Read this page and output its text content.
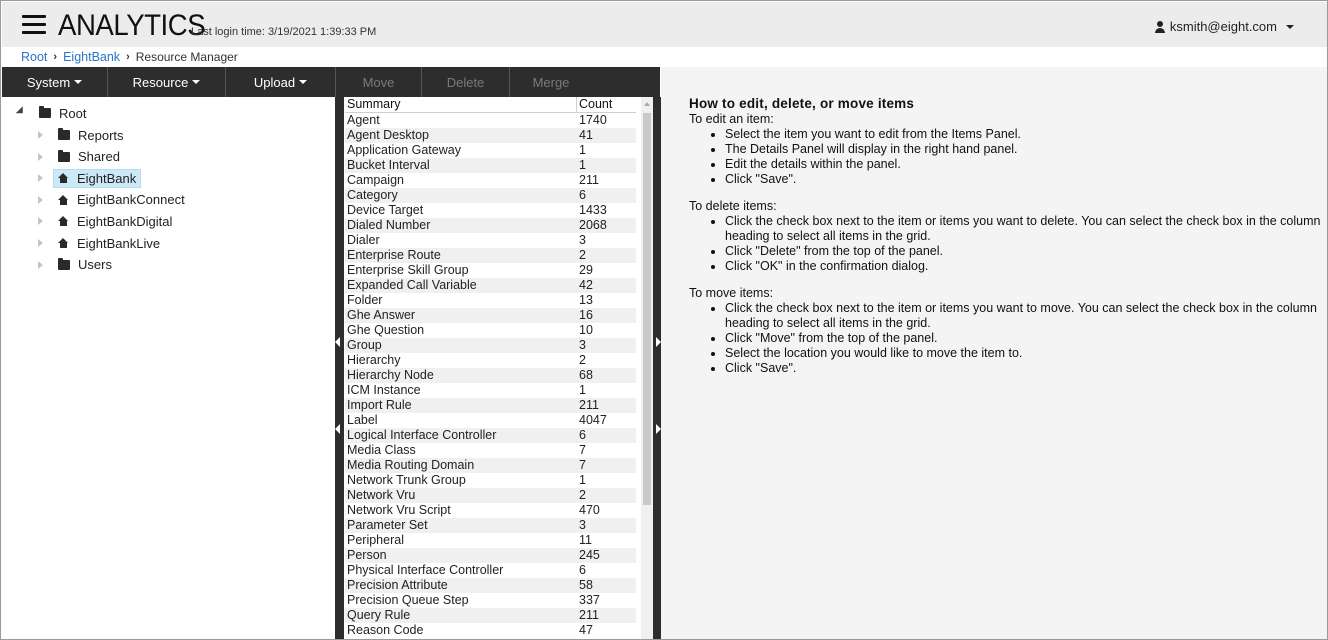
ANALYTICS
Last login time: 3/19/2021 1:39:33 PM	ksmith@eight.com
Root › EightBank › Resource Manager
System	Resource	Upload	Move	Delete	Merge
Root
Reports
Shared
EightBank
EightBankConnect
EightBankDigital
EightBankLive
Users
Summary	Count
Agent	1740
Agent Desktop	41
Application Gateway	1
Bucket Interval	1
Campaign	211
Category	6
Device Target	1433
Dialed Number	2068
Dialer	3
Enterprise Route	2
Enterprise Skill Group	29
Expanded Call Variable	42
Folder	13
Ghe Answer	16
Ghe Question	10
Group	3
Hierarchy	2
Hierarchy Node	68
ICM Instance	1
Import Rule	211
Label	4047
Logical Interface Controller	6
Media Class	7
Media Routing Domain	7
Network Trunk Group	1
Network Vru	2
Network Vru Script	470
Parameter Set	3
Peripheral	11
Person	245
Physical Interface Controller	6
Precision Attribute	58
Precision Queue Step	337
Query Rule	211
Reason Code	47
How to edit, delete, or move items
To edit an item:
• Select the item you want to edit from the Items Panel.
• The Details Panel will display in the right hand panel.
• Edit the details within the panel.
• Click "Save".
To delete items:
• Click the check box next to the item or items you want to delete. You can select the check box in the column heading to select all items in the grid.
• Click "Delete" from the top of the panel.
• Click "OK" in the confirmation dialog.
To move items:
• Click the check box next to the item or items you want to move. You can select the check box in the column heading to select all items in the grid.
• Click "Move" from the top of the panel.
• Select the location you would like to move the item to.
• Click "Save".
